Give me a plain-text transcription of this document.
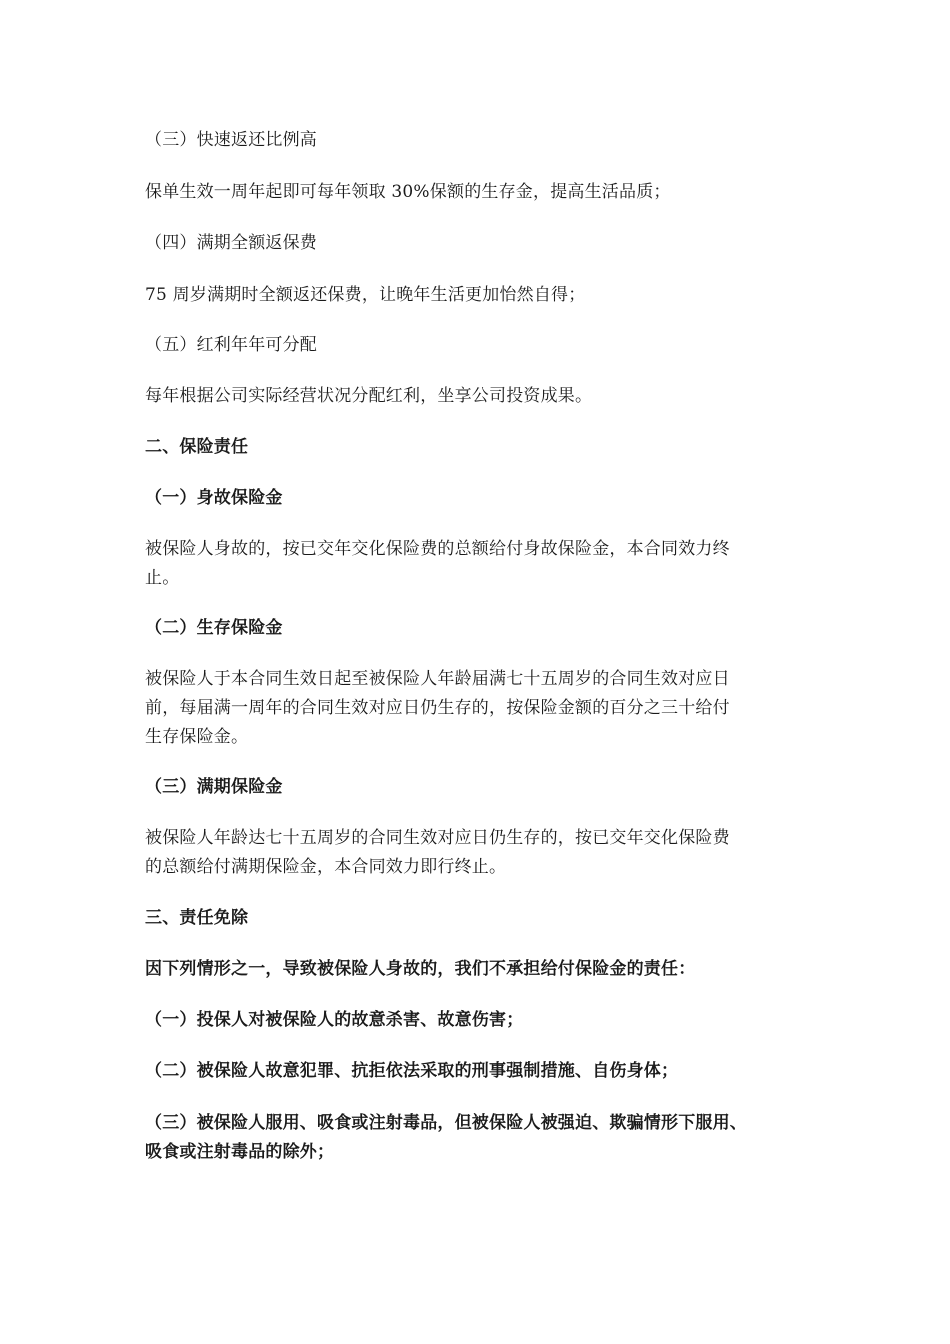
（三）快速返还比例高
保单生效一周年起即可每年领取 30%保额的生存金，提高生活品质；
（四）满期全额返保费
75 周岁满期时全额返还保费，让晚年生活更加怡然自得；
（五）红利年年可分配
每年根据公司实际经营状况分配红利，坐享公司投资成果。
二、保险责任
（一）身故保险金
被保险人身故的，按已交年交化保险费的总额给付身故保险金，本合同效力终
止。
（二）生存保险金
被保险人于本合同生效日起至被保险人年龄届满七十五周岁的合同生效对应日
前，每届满一周年的合同生效对应日仍生存的，按保险金额的百分之三十给付
生存保险金。
（三）满期保险金
被保险人年龄达七十五周岁的合同生效对应日仍生存的，按已交年交化保险费
的总额给付满期保险金，本合同效力即行终止。
三、责任免除
因下列情形之一，导致被保险人身故的，我们不承担给付保险金的责任：
（一）投保人对被保险人的故意杀害、故意伤害；
（二）被保险人故意犯罪、抗拒依法采取的刑事强制措施、自伤身体；
（三）被保险人服用、吸食或注射毒品，但被保险人被强迫、欺骗情形下服用、
吸食或注射毒品的除外；
